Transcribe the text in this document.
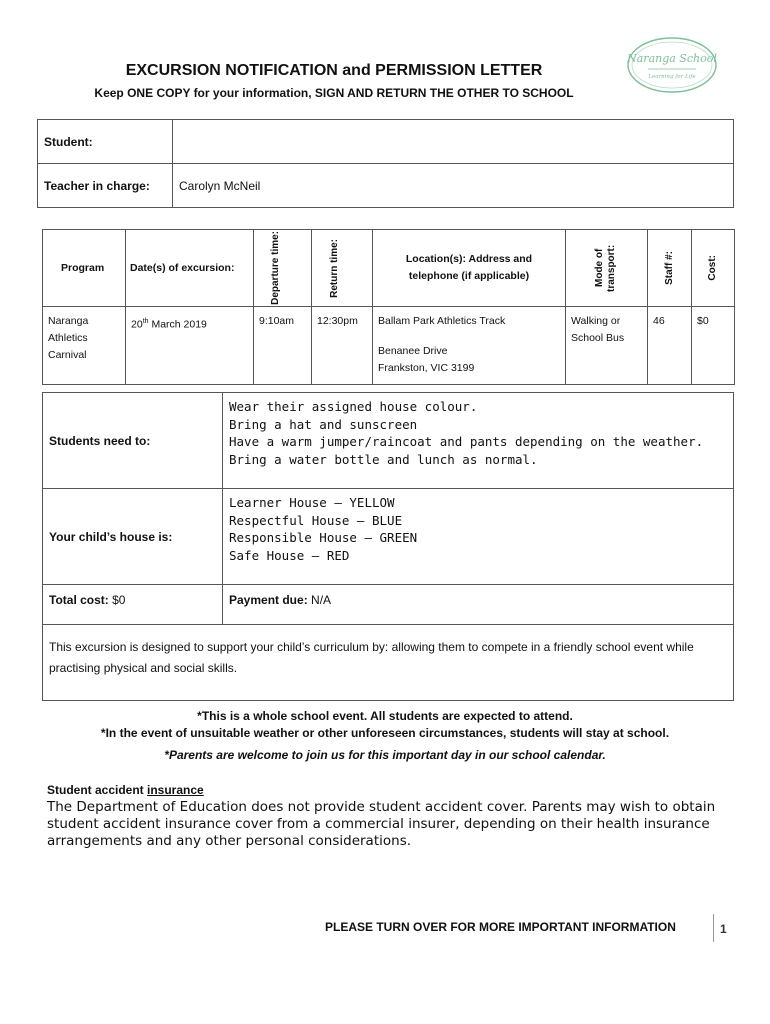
EXCURSION NOTIFICATION and PERMISSION LETTER
Keep ONE COPY for your information, SIGN AND RETURN THE OTHER TO SCHOOL
Naranga School
Learning for Life
Student:	
Teacher in charge:	Carolyn McNeil
Program	Date(s) of excursion:	Departure time:	Return time:	Location(s): Address and telephone (if applicable)	Mode of transport:	Staff #:	Cost:

Naranga Athletics Carnival	20th March 2019	9:10am	12:30pm	Ballam Park Athletics Track
Benanee Drive
Frankston, VIC 3199	Walking or School Bus	46	$0
Students need to:	Wear their assigned house colour.
Bring a hat and sunscreen
Have a warm jumper/raincoat and pants depending on the weather.
Bring a water bottle and lunch as normal.

Your child’s house is:	Learner House – YELLOW
Respectful House – BLUE
Responsible House – GREEN
Safe House – RED

Total cost: $0	Payment due: N/A
This excursion is designed to support your child’s curriculum by: allowing them to compete in a friendly school event while practising physical and social skills.	
*This is a whole school event. All students are expected to attend.
*In the event of unsuitable weather or other unforeseen circumstances, students will stay at school.
*Parents are welcome to join us for this important day in our school calendar.
Student accident insurance
The Department of Education does not provide student accident cover. Parents may wish to obtain student accident insurance cover from a commercial insurer, depending on their health insurance arrangements and any other personal considerations.
PLEASE TURN OVER FOR MORE IMPORTANT INFORMATION	1
